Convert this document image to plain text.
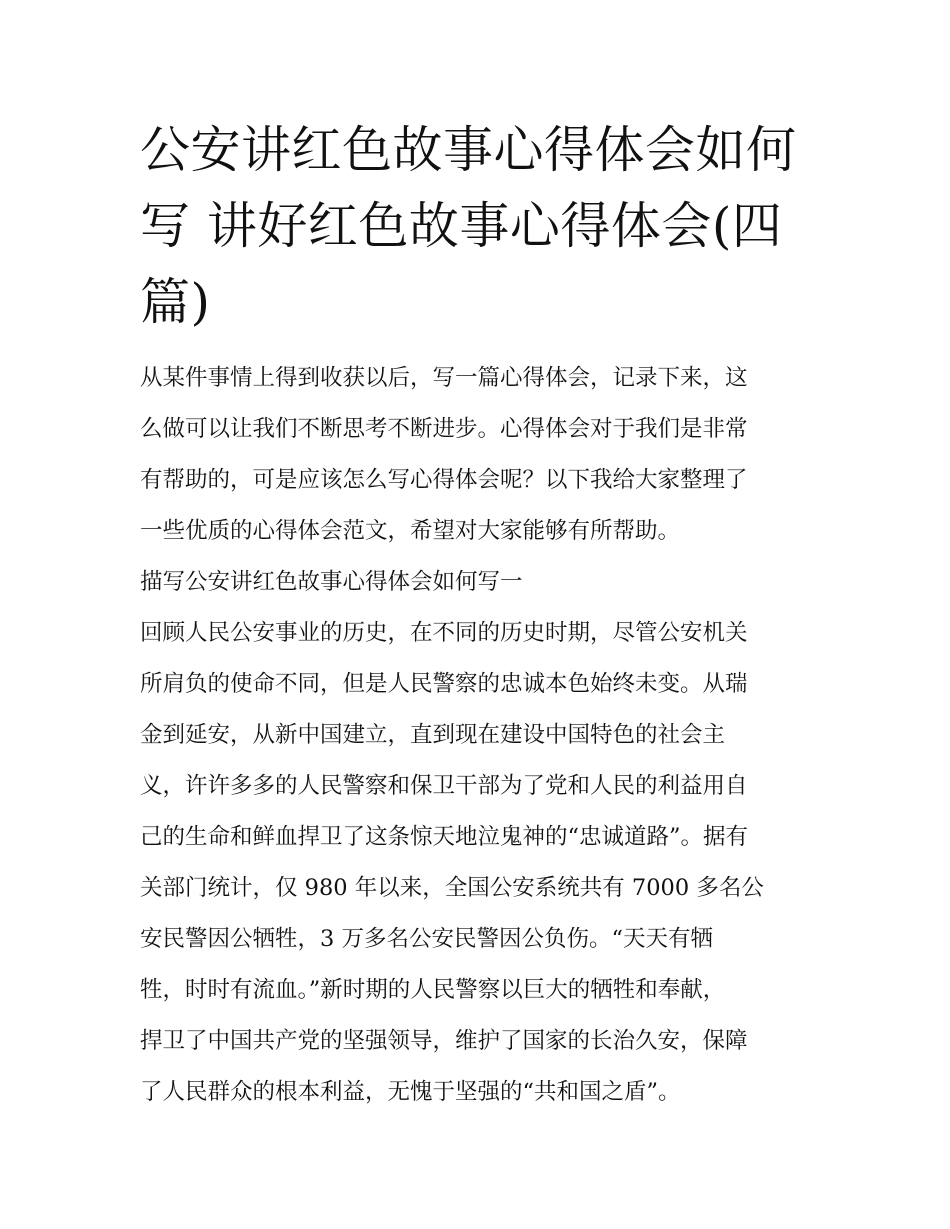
公安讲红色故事心得体会如何
写 讲好红色故事心得体会(四
篇)
从某件事情上得到收获以后，写一篇心得体会，记录下来，这
么做可以让我们不断思考不断进步。心得体会对于我们是非常
有帮助的，可是应该怎么写心得体会呢？以下我给大家整理了
一些优质的心得体会范文，希望对大家能够有所帮助。
描写公安讲红色故事心得体会如何写一
回顾人民公安事业的历史，在不同的历史时期，尽管公安机关
所肩负的使命不同，但是人民警察的忠诚本色始终未变。从瑞
金到延安，从新中国建立，直到现在建设中国特色的社会主
义，许许多多的人民警察和保卫干部为了党和人民的利益用自
己的生命和鲜血捍卫了这条惊天地泣鬼神的“忠诚道路”。据有
关部门统计，仅 980 年以来，全国公安系统共有 7000 多名公
安民警因公牺牲，3 万多名公安民警因公负伤。“天天有牺
牲，时时有流血。”新时期的人民警察以巨大的牺牲和奉献，
捍卫了中国共产党的坚强领导，维护了国家的长治久安，保障
了人民群众的根本利益，无愧于坚强的“共和国之盾”。
